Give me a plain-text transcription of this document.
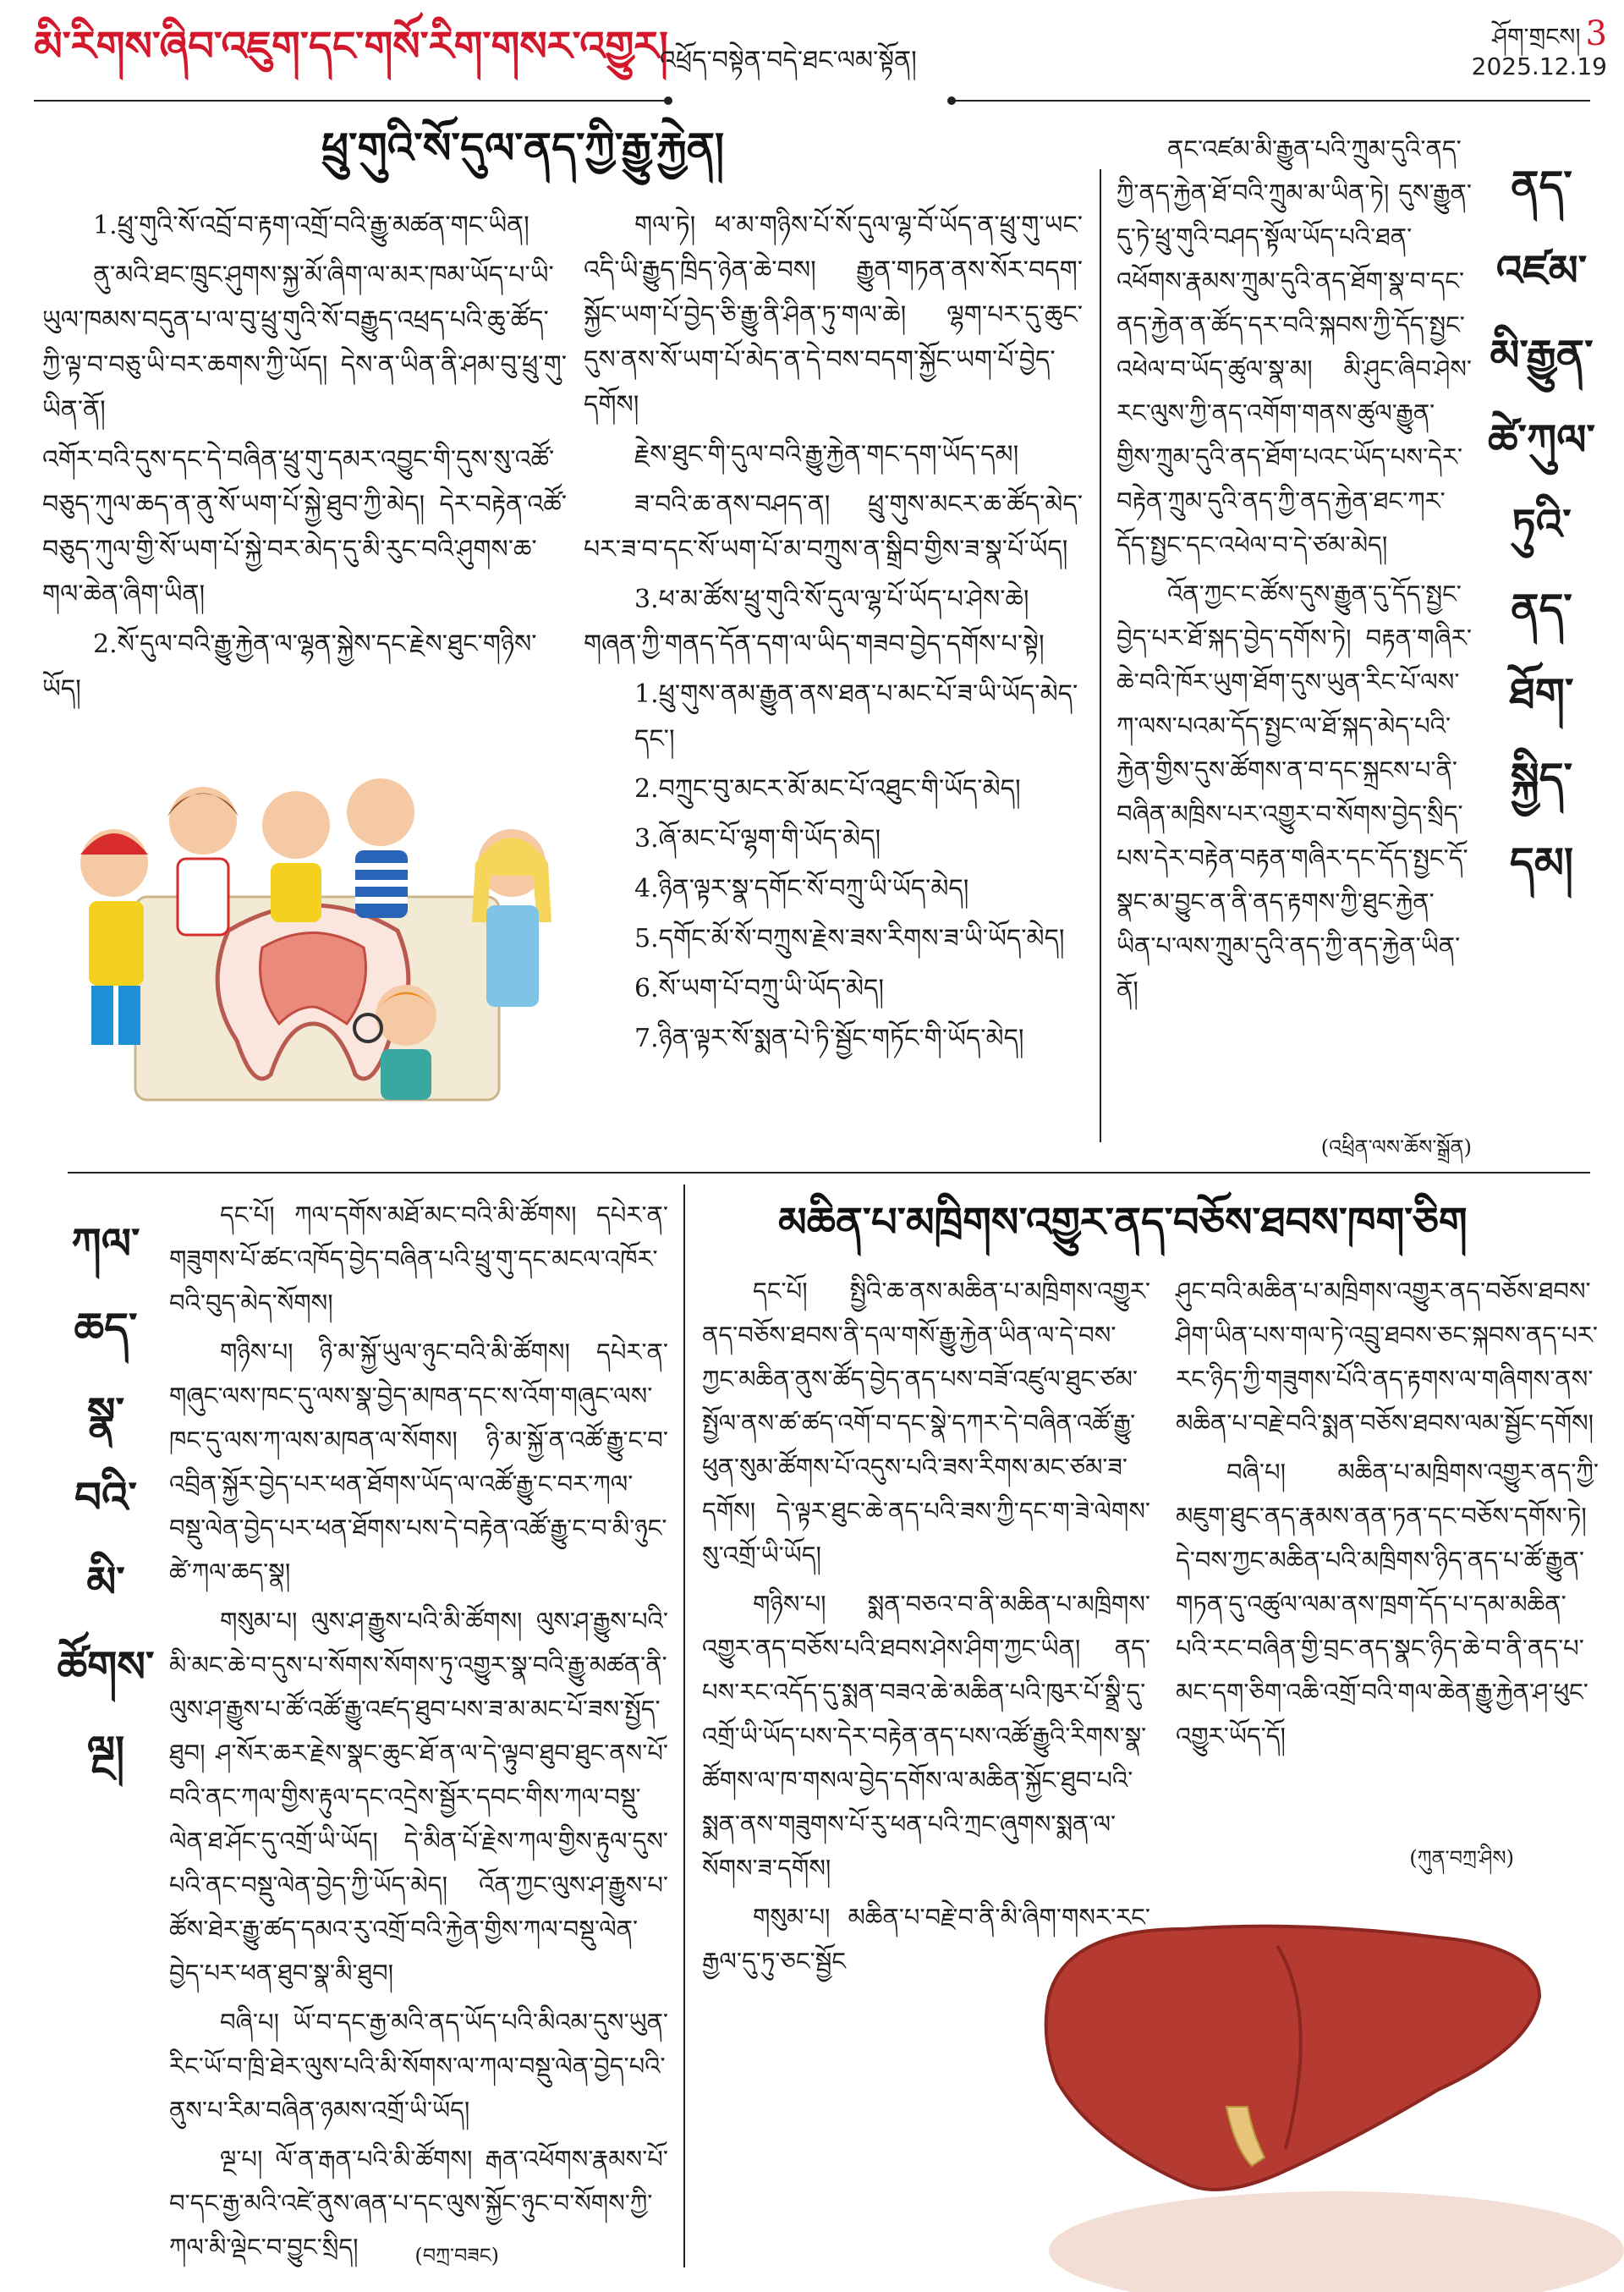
མི་རིགས་ཞིབ་འཇུག་དང་གསོ་རིག་གསར་འགྱུར།
འཕྲོད་བསྟེན་བདེ་ཐང་ལམ་སྟོན།
ཤོག་གྲངས། 3
2025.12.19
ཕྲུ་གུའི་སོ་དུལ་ནད་ཀྱི་རྒྱུ་རྐྱེན།

1.ཕྲུ་གུའི་སོ་འབྲོ་བ་རྟག་འགྲོ་བའི་རྒྱུ་མཚན་གང་ཡིན།

ནུ་མའི་ཐང་ཁྲུང་ཤུགས་སྐྱ་མོ་ཞིག་ལ་མར་ཁམ་ཡོད་པ་ཡི་ཡུལ་ཁམས་བདུན་པ་ལ་བུ་ཕྲུ་གུའི་སོ་བརྒྱུད་འཕྲད་པའི་ཆུ་ཚོད་ཀྱི་ལྟ་བ་བཅུ་ཡི་བར་ཆགས་ཀྱི་ཡོད། དེས་ན་ཡིན་ནི་ཤམ་བུ་ཕྲུ་གུ་ཡིན་ནོ།

འགོར་བའི་དུས་དང་དེ་བཞིན་ཕྲུ་གུ་དམར་འབྱུང་གི་དུས་སུ་འཚོ་བཅུད་ཀུལ་ཆད་ན་ནུ་སོ་ཡག་པོ་སྐྱེ་ཐུབ་ཀྱི་མེད། དེར་བརྟེན་འཚོ་བཅུད་ཀུལ་གྱི་སོ་ཡག་པོ་སྐྱེ་བར་མེད་དུ་མི་རུང་བའི་ཤུགས་ཆ་གལ་ཆེན་ཞིག་ཡིན།

2.སོ་དུལ་བའི་རྒྱུ་རྐྱེན་ལ་ལྷན་སྐྱེས་དང་རྗེས་ཐུང་གཉིས་ཡོད།

གལ་ཏེ། ཕ་མ་གཉིས་པོ་སོ་དུལ་ལྷ་བོ་ཡོད་ན་ཕྲུ་གུ་ཡང་འདི་ཡི་རྒྱུད་ཁྲིད་ཉེན་ཆེ་བས། རྒྱུན་གཏན་ནས་སོར་བདག་སྐྱོང་ཡག་པོ་བྱེད་ཅི་རྒྱུ་ནི་ཤིན་ཏུ་གལ་ཆེ། ལྷག་པར་དུ་ཆུང་དུས་ནས་སོ་ཡག་པོ་མེད་ན་དེ་བས་བདག་སྐྱོང་ཡག་པོ་བྱེད་དགོས།

རྗེས་ཐུང་གི་དུལ་བའི་རྒྱུ་རྐྱེན་གང་དག་ཡོད་དམ།

ཟ་བའི་ཆ་ནས་བཤད་ན། ཕྲུ་གུས་མངར་ཆ་ཚོད་མེད་པར་ཟ་བ་དང་སོ་ཡག་པོ་མ་བཀྲུས་ན་སྒྲིབ་གྱིས་ཟ་སྣ་པོ་ཡོད།

3.ཕ་མ་ཚོས་ཕྲུ་གུའི་སོ་དུལ་ལྷ་པོ་ཡོད་པ་ཤེས་ཆེ། གཞན་ཀྱི་གནད་དོན་དག་ལ་ཡིད་གཟབ་བྱེད་དགོས་པ་སྟེ།

1.ཕྲུ་གུས་ནམ་རྒྱུན་ནས་ཐན་པ་མང་པོ་ཟ་ཡི་ཡོད་མེད་དང་།

2.བཀྲུང་བུ་མངར་མོ་མང་པོ་འཐུང་གི་ཡོད་མེད།

3.ཞོ་མང་པོ་ལྷག་གི་ཡོད་མེད།

4.ཉིན་ལྟར་སྣ་དགོང་སོ་བཀྲུ་ཡི་ཡོད་མེད།

5.དགོང་མོ་སོ་བཀྲུས་རྗེས་ཟས་རིགས་ཟ་ཡི་ཡོད་མེད།

6.སོ་ཡག་པོ་བཀྲུ་ཡི་ཡོད་མེད།

7.ཉིན་ལྟར་སོ་སྨན་པེ་ཏི་སྦྱོང་གཏོང་གི་ཡོད་མེད།

ནང་འཛམ་མི་རྒྱུན་པའི་ཀྲུམ་དུའི་ནད་ཀྱི་ནད་རྐྱེན་ཐོ་བའི་ཀྲུམ་མ་ཡིན་ཏེ། དུས་རྒྱུན་དུ་ཏེ་ཕྲུ་གུའི་བཤད་སྟོལ་ཡོད་པའི་ཐན་འཕོགས་རྣམས་ཀྲུམ་དུའི་ནད་ཐོག་སྣ་བ་དང་ནད་རྐྱེན་ན་ཚོད་དར་བའི་སྐབས་ཀྱི་དོད་སྤྱང་འཕེལ་བ་ཡོད་ཚུལ་སྣ་མ། མི་ཤུང་ཞིབ་ཤེས་རང་ལུས་ཀྱི་ནད་འགོག་གནས་ཚུལ་རྒྱུན་གྱིས་ཀྲུམ་དུའི་ནད་ཐོག་པའང་ཡོད་པས་དེར་བརྟེན་ཀྲུམ་དུའི་ནད་ཀྱི་ནད་རྐྱེན་ཐང་ཀར་དོད་སྤྱང་དང་འཕེལ་བ་དེ་ཙམ་མེད།

འོན་ཀྱང་ང་ཚོས་དུས་རྒྱུན་དུ་དོད་སྤྱང་བྱེད་པར་ཐོ་སྐད་བྱེད་དགོས་ཏེ། བརྟན་གཞིར་ཆེ་བའི་ཁོར་ཡུག་ཐོག་དུས་ཡུན་རིང་པོ་ལས་ཀ་ལས་པའམ་དོད་སྤྱང་ལ་ཐོ་སྐད་མེད་པའི་རྐྱེན་གྱིས་དུས་ཚོགས་ན་བ་དང་སྐྲངས་པ་ནི་བཞིན་མཁྲིས་པར་འགྱུར་བ་སོགས་བྱེད་སྲིད་པས་དེར་བརྟེན་བརྟན་གཞིར་དང་དོད་སྤྱང་དོ་སྣང་མ་བྱུང་ན་ནི་ནད་རྟགས་ཀྱི་ཐུང་རྐྱེན་ཡིན་པ་ལས་ཀྲུམ་དུའི་ནད་ཀྱི་ནད་རྐྱེན་ཡིན་ནོ།

ནད་
འཛམ་
མི་རྒྱུན་
ཚེ་ཀུལ་
ཏུའི་
ནད་
ཐོག་
སྐྱིད་
དམ།
(འཕྲིན་ལས་ཆོས་སྒྲོན)
ཀལ་
ཆད་
སྣ་
བའི་
མི་
ཚོགས་
ལྔ།

དང་པོ། ཀལ་དགོས་མཐོ་མང་བའི་མི་ཚོགས། དཔེར་ན་གཟུགས་པོ་ཚང་འཁོད་བྱེད་བཞིན་པའི་ཕྲུ་གུ་དང་མངལ་འཁོར་བའི་བུད་མེད་སོགས།

གཉིས་པ། ཉི་མ་སྐྱོ་ཡུལ་ཉུང་བའི་མི་ཚོགས། དཔེར་ན་གཞུང་ལས་ཁང་དུ་ལས་སྣ་བྱེད་མཁན་དང་ས་འོག་གཞུང་ལས་ཁང་དུ་ལས་ཀ་ལས་མཁན་ལ་སོགས། ཉི་མ་སྐྱོ་ན་འཚོ་རྒྱུ་ང་བ་འབྲིན་སྐྱོར་བྱེད་པར་ཕན་ཐོགས་ཡོད་ལ་འཚོ་རྒྱུ་ང་བར་ཀལ་བསྡུ་ལེན་བྱེད་པར་ཕན་ཐོགས་པས་དེ་བརྟེན་འཚོ་རྒྱུ་ང་བ་མི་ཉུང་ཚེ་ཀལ་ཆད་སྣ།

གསུམ་པ། ལུས་ཤ་རྒྱུས་པའི་མི་ཚོགས། ལུས་ཤ་རྒྱུས་པའི་མི་མང་ཆེ་བ་དུས་པ་སོགས་སོགས་ཏུ་འགྱུར་སྣ་བའི་རྒྱུ་མཚན་ནི་ལུས་ཤ་རྒྱུས་པ་ཚོ་འཚོ་རྒྱུ་འཛད་ཐུབ་པས་ཟ་མ་མང་པོ་ཟས་སྤྱོད་ཐུབ། ཤ་སོར་ཆར་རྗེས་སྣང་ཆུང་ཐོ་ན་ལ་དེ་ལྟུབ་ཐུབ་ཐུང་ནས་པོ་བའི་ནང་ཀལ་གྱིས་རྟུལ་དང་འདྲེས་སྦྱོར་དབང་གིས་ཀལ་བསྡུ་ལེན་ཐ་ཤོང་དུ་འགྲོ་ཡི་ཡོད། དེ་མིན་པོ་རྗེས་ཀལ་གྱིས་རྟུལ་དུས་པའི་ནང་བསྡུ་ལེན་བྱེད་ཀྱི་ཡོད་མེད། འོན་ཀྱང་ལུས་ཤ་རྒྱུས་པ་ཚོས་ཐེར་རྒྱུ་ཚད་དམའ་རུ་འགྲོ་བའི་རྐྱེན་གྱིས་ཀལ་བསྡུ་ལེན་བྱེད་པར་ཕན་ཐུབ་སྣ་མི་ཐུབ།

བཞི་པ། ཡོ་བ་དང་རྒྱ་མའི་ནད་ཡོད་པའི་མིའམ་དུས་ཡུན་རིང་ཡོ་བ་ཁྲི་ཐེར་ལུས་པའི་མི་སོགས་ལ་ཀལ་བསྡུ་ལེན་བྱེད་པའི་ནུས་པ་རིམ་བཞིན་ཉམས་འགྲོ་ཡི་ཡོད།

ལྔ་པ། ལོ་ན་རྒན་པའི་མི་ཚོགས། རྒན་འཕོགས་རྣམས་པོ་བ་དང་རྒྱ་མའི་འཛེ་ནུས་ཞན་པ་དང་ལུས་སྐྱོང་ཉུང་བ་སོགས་ཀྱི་ཀལ་མི་ལྡེང་བ་བྱུང་སྲིད།	(བཀྲ་བཟང)
མཆིན་པ་མཁྲིགས་འགྱུར་ནད་བཅོས་ཐབས་ཁག་ཅིག

དང་པོ། སྤྱིའི་ཆ་ནས་མཆིན་པ་མཁྲིགས་འགྱུར་ནད་བཅོས་ཐབས་ནི་དལ་གསོ་རྒྱུ་རྐྱེན་ཡིན་ལ་དེ་བས་ཀྱང་མཆིན་ནུས་ཚོད་བྱེད་ནད་པས་བཟོ་འཛུལ་ཐུང་ཙམ་སྤྱོལ་ནས་ཚ་ཚད་འགོ་བ་དང་སྣེ་དཀར་དེ་བཞིན་འཚོ་རྒྱུ་ཕུན་སུམ་ཚོགས་པོ་འདུས་པའི་ཟས་རིགས་མང་ཙམ་ཟ་དགོས། དེ་ལྟར་ཐུང་ཆེ་ནད་པའི་ཟས་ཀྱི་དང་ག་ཟེ་ལེགས་སུ་འགྲོ་ཡི་ཡོད།

གཉིས་པ། སྨན་བཅའ་བ་ནི་མཆིན་པ་མཁྲིགས་འགྱུར་ནད་བཅོས་པའི་ཐབས་ཤེས་ཤིག་ཀྱང་ཡིན། ནད་པས་རང་འདོད་དུ་སྨན་བཟའ་ཆེ་མཆིན་པའི་ཁུར་པོ་སྣྲི་དུ་འགྲོ་ཡི་ཡོད་པས་དེར་བརྟེན་ནད་པས་འཚོ་རྒྱུའི་རིགས་སྣ་ཚོགས་ལ་ཁ་གསལ་བྱེད་དགོས་ལ་མཆིན་སྐྱོང་ཐུབ་པའི་སྨན་ནས་གཟུགས་པོ་རུ་ཕན་པའི་ཀྲང་ཞུགས་སྨན་ལ་སོགས་ཟ་དགོས།

གསུམ་པ། མཆིན་པ་བརྗེ་བ་ནི་མི་ཞིག་གསར་རང་རྒྱལ་དུ་ཏུ་ཅང་སྦྱོང

ཤུང་བའི་མཆིན་པ་མཁྲིགས་འགྱུར་ནད་བཅོས་ཐབས་ཤིག་ཡིན་པས་གལ་ཏེ་འབྲུ་ཐབས་ཅང་སྐབས་ནད་པར་རང་ཉིད་ཀྱི་གཟུགས་པོའི་ནད་རྟགས་ལ་གཞིགས་ནས་མཆིན་པ་བརྗེ་བའི་སྨན་བཅོས་ཐབས་ལམ་སྦྱོང་དགོས།

བཞི་པ། མཆིན་པ་མཁྲིགས་འགྱུར་ནད་ཀྱི་མཇུག་ཐུང་ནད་རྣམས་ནན་ཏན་དང་བཅོས་དགོས་ཏེ། དེ་བས་ཀྱང་མཆིན་པའི་མཁྲིགས་ཉིད་ནད་པ་ཚོ་རྒྱུན་གཏན་དུ་འཚུལ་ལམ་ནས་ཁྲག་དོད་པ་དམ་མཆིན་པའི་རང་བཞིན་གྱི་བྲང་ནད་སྣང་ཉིད་ཆེ་བ་ནི་ནད་པ་མང་དག་ཅིག་འཆི་འགྲོ་བའི་གལ་ཆེན་རྒྱུ་རྐྱེན་ཤ་ཕུང་འགྱུར་ཡོད་དོ།

(ཀུན་བཀྲ་ཤིས)
